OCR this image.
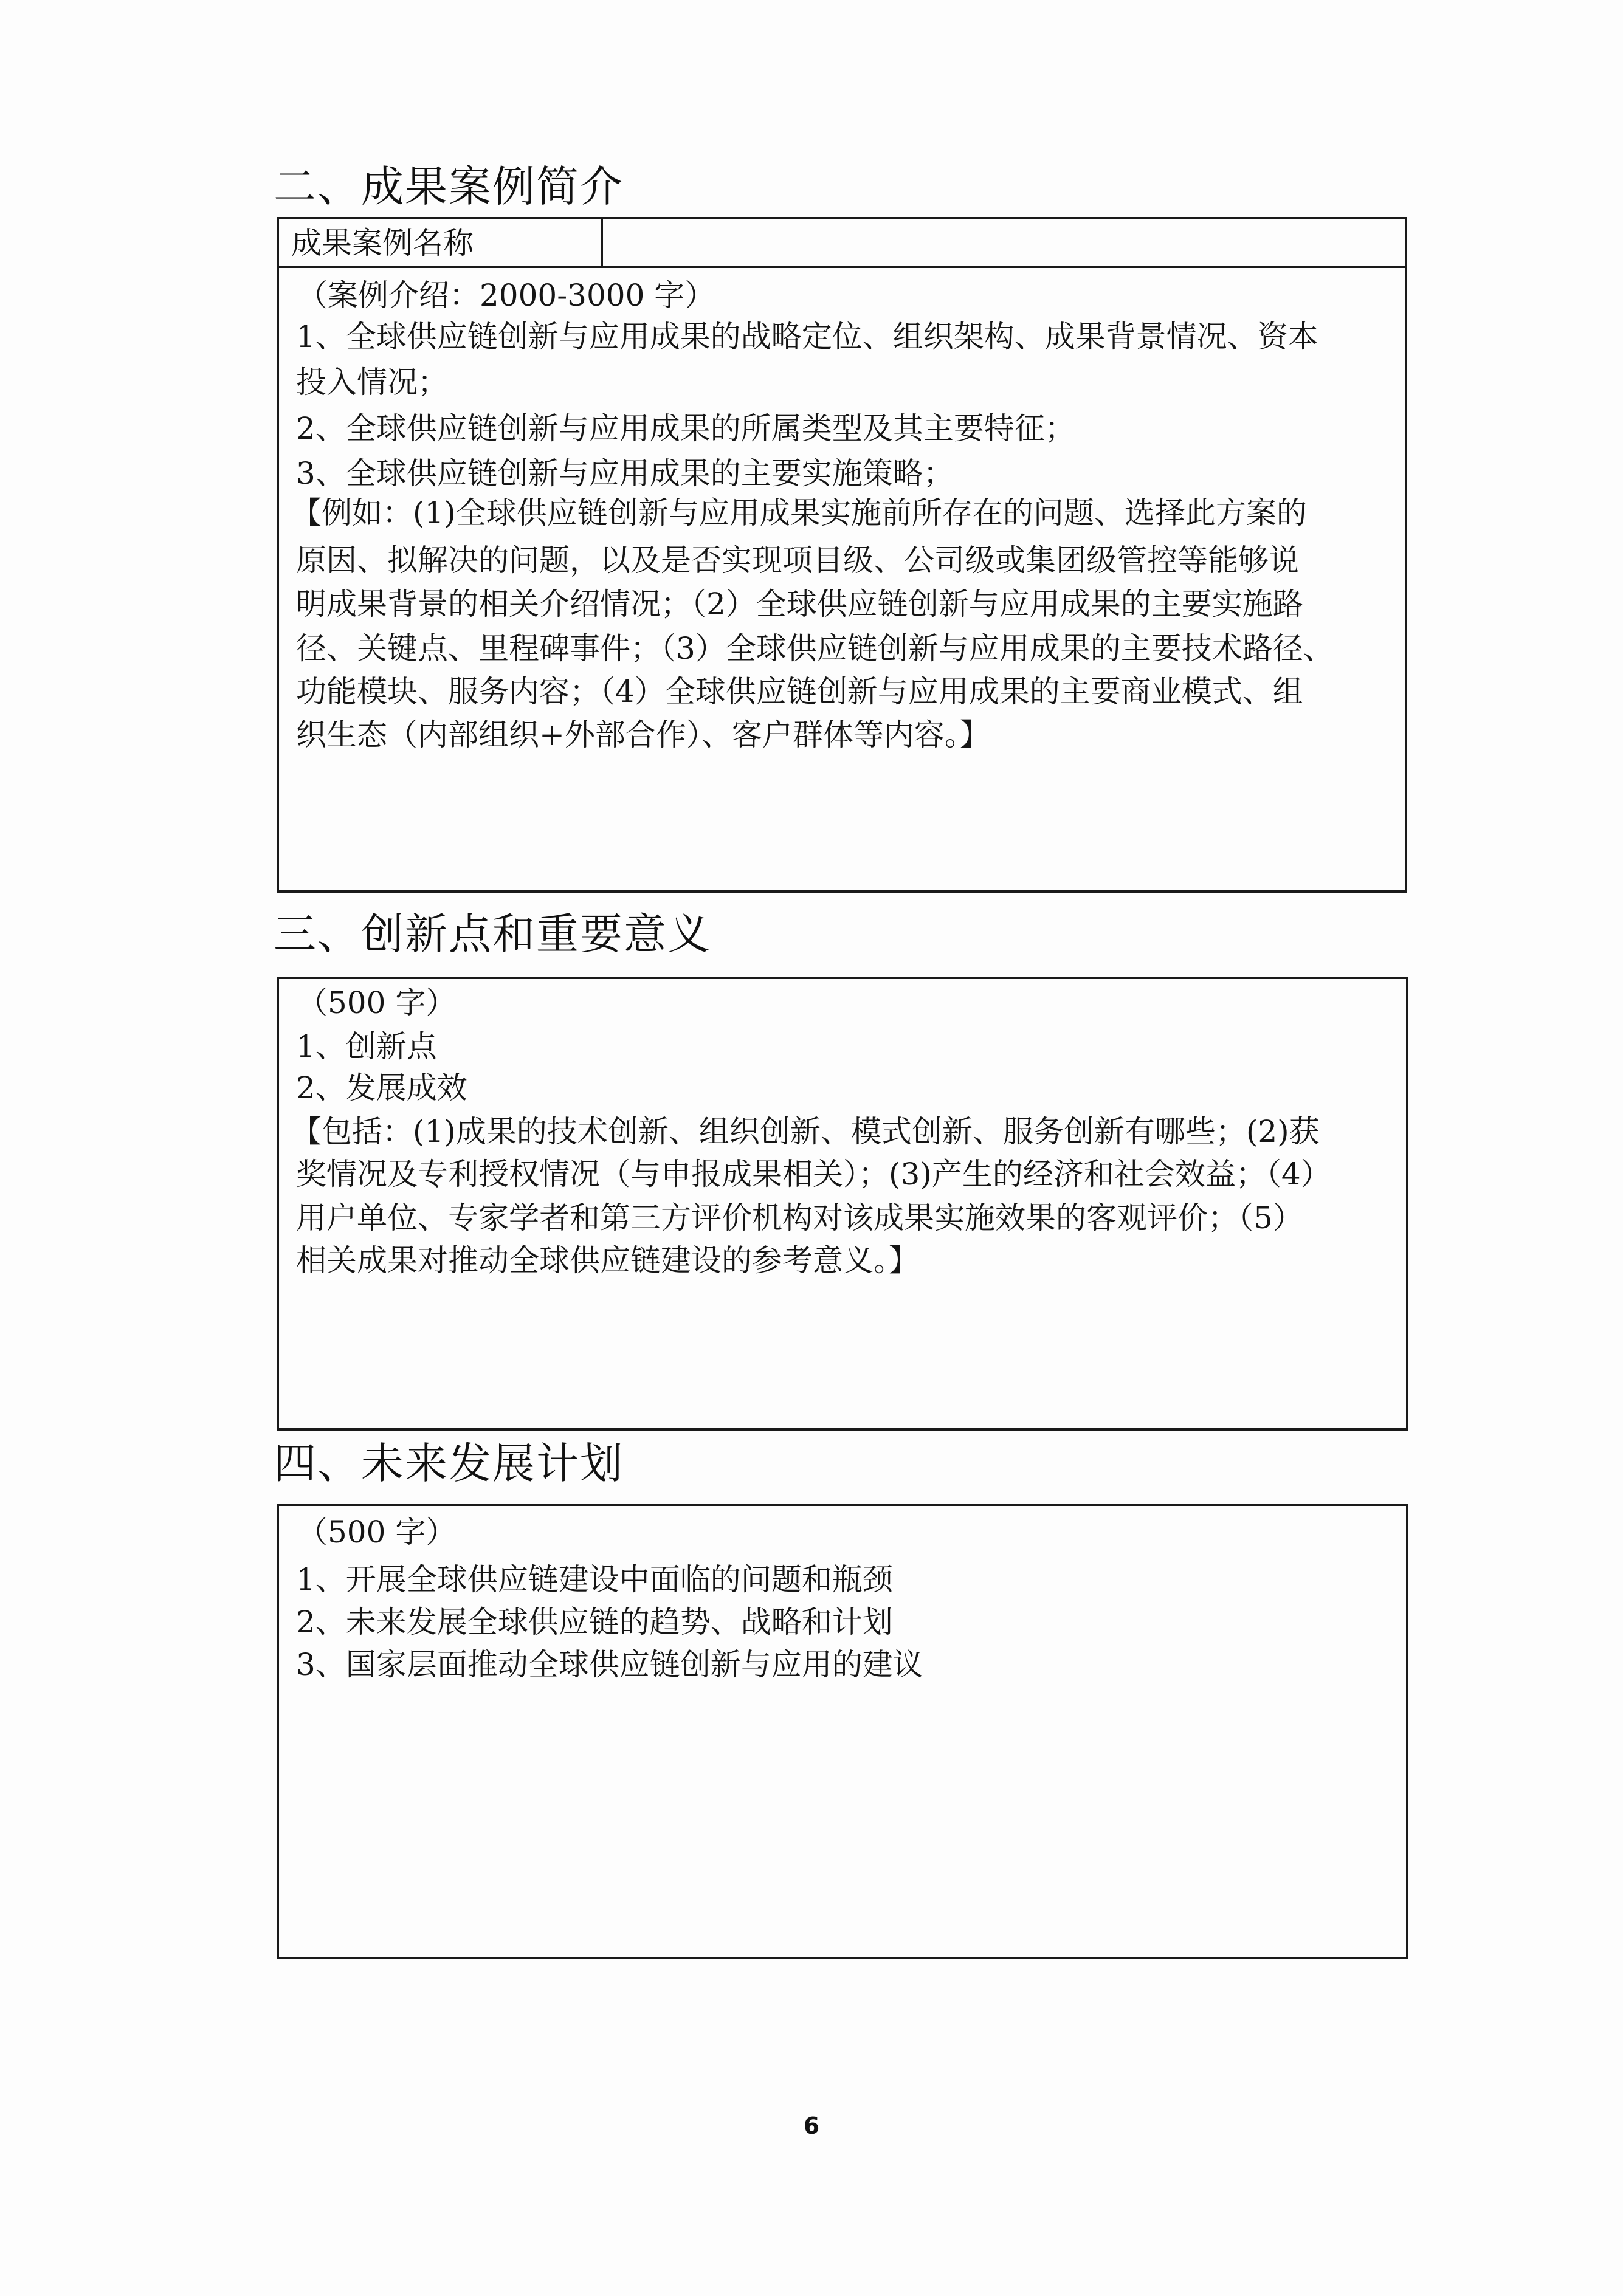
二、成果案例简介
成果案例名称
（案例介绍：2000-3000 字）
1、全球供应链创新与应用成果的战略定位、组织架构、成果背景情况、资本
投入情况；
2、全球供应链创新与应用成果的所属类型及其主要特征；
3、全球供应链创新与应用成果的主要实施策略；
【例如：(1)全球供应链创新与应用成果实施前所存在的问题、选择此方案的
原因、拟解决的问题，以及是否实现项目级、公司级或集团级管控等能够说
明成果背景的相关介绍情况；（2）全球供应链创新与应用成果的主要实施路
径、关键点、里程碑事件；（3）全球供应链创新与应用成果的主要技术路径、
功能模块、服务内容；（4）全球供应链创新与应用成果的主要商业模式、组
织生态（内部组织+外部合作）、客户群体等内容。】
三、创新点和重要意义
（500 字）
1、创新点
2、发展成效
【包括：(1)成果的技术创新、组织创新、模式创新、服务创新有哪些；(2)获
奖情况及专利授权情况（与申报成果相关）；(3)产生的经济和社会效益；（4）
用户单位、专家学者和第三方评价机构对该成果实施效果的客观评价；（5）
相关成果对推动全球供应链建设的参考意义。】
四、未来发展计划
（500 字）
1、开展全球供应链建设中面临的问题和瓶颈
2、未来发展全球供应链的趋势、战略和计划
3、国家层面推动全球供应链创新与应用的建议
6
